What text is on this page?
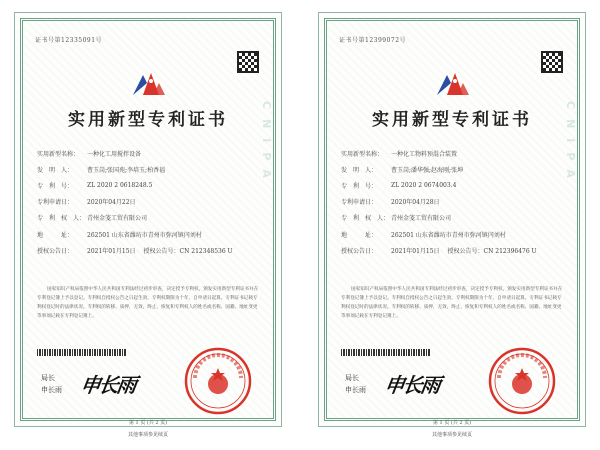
证书号第12335091号
实用新型专利证书	CNIPA
实用新型名称：	一种化工用搅拌设备
发　明　人：	曹玉岗;张国苑;李培玉;柏香福
专　利　号：	ZL 2020 2 0618248.5
专利申请日：	2020年04月22日
专　利　权　人： 青州金笺工贸有限公司
地　　　址：	262501 山东省潍坊市青州市弥河镇闫刘村
授权公告日：	2021年01月15日 授权公告号：CN 212348536 U
国家知识产权局依照中华人民共和国专利法经过初步审查，决定授予专利权，颁发实用新型专利证书并在专利登记簿上予以登记。专利权自授权公告之日起生效。专利权期限为十年，自申请日起算。专利证书记载专利权登记时的法律状况。专利权的转移、质押、无效、终止、恢复和专利权人的姓名或名称、国籍、地址变更等事项记载在专利登记簿上。
局长
申长雨 申长雨
第 1 页 (共 2 页)
其他事项参见续页
证书号第12399072号
实用新型专利证书	CNIPA
实用新型名称：	一种化工物料预混合装置
发　明　人：	曹玉岗;潘华强;赵海刚;张坤
专　利　号：	ZL 2020 2 0674003.4
专利申请日：	2020年04月28日
专　利　权　人： 青州金笺工贸有限公司
地　　　址：	262501 山东省潍坊市青州市弥河镇闫刘村
授权公告日：	2021年01月15日 授权公告号：CN 212396476 U
国家知识产权局依照中华人民共和国专利法经过初步审查，决定授予专利权，颁发实用新型专利证书并在专利登记簿上予以登记。专利权自授权公告之日起生效。专利权期限为十年，自申请日起算。专利证书记载专利权登记时的法律状况。专利权的转移、质押、无效、终止、恢复和专利权人的姓名或名称、国籍、地址变更等事项记载在专利登记簿上。
局长
申长雨 申长雨
第 1 页 (共 2 页)
其他事项参见续页
